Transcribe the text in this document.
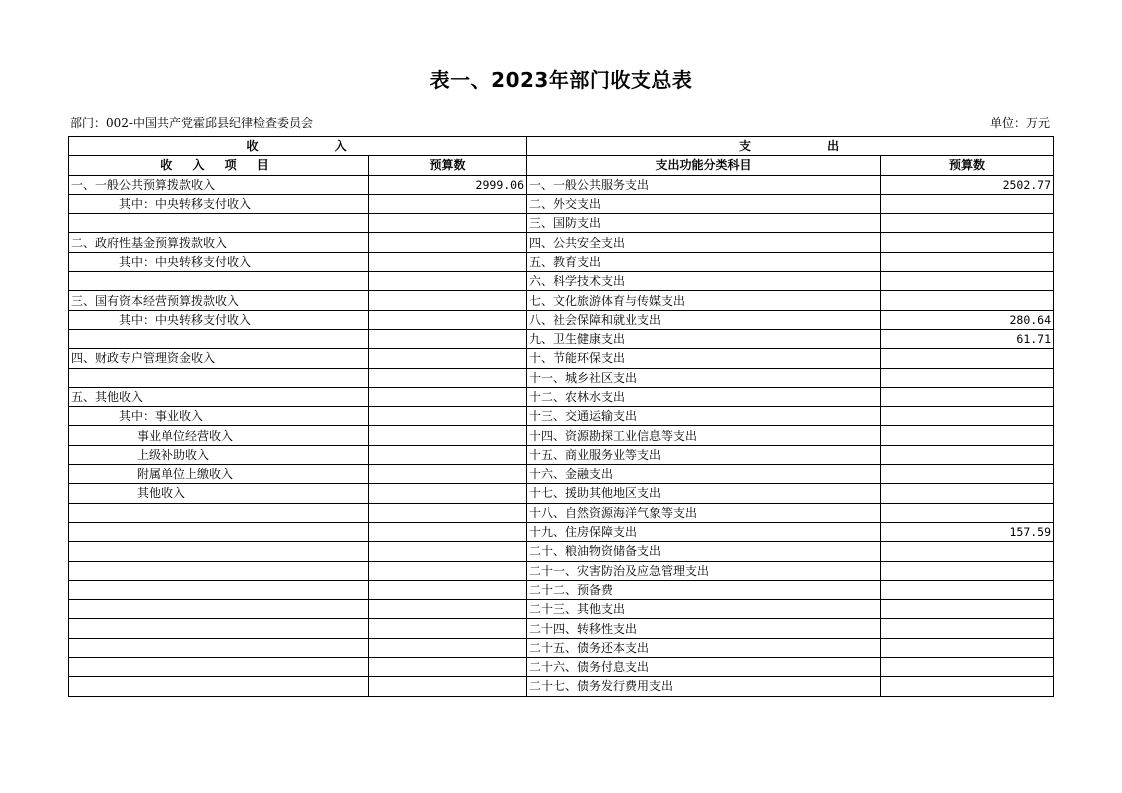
表一、2023年部门收支总表
部门：002-中国共产党霍邱县纪律检查委员会	单位：万元
收            入		支            出	
收 入 项 目	预算数	支出功能分类科目	预算数
一、一般公共预算拨款收入	2999.06	一、一般公共服务支出	2502.77
其中：中央转移支付收入		二、外交支出	
		三、国防支出	
二、政府性基金预算拨款收入		四、公共安全支出	
其中：中央转移支付收入		五、教育支出	
		六、科学技术支出	
三、国有资本经营预算拨款收入		七、文化旅游体育与传媒支出	
其中：中央转移支付收入		八、社会保障和就业支出	280.64
		九、卫生健康支出	61.71
四、财政专户管理资金收入		十、节能环保支出	
		十一、城乡社区支出	
五、其他收入		十二、农林水支出	
其中：事业收入		十三、交通运输支出	
事业单位经营收入		十四、资源勘探工业信息等支出	
上级补助收入		十五、商业服务业等支出	
附属单位上缴收入		十六、金融支出	
其他收入		十七、援助其他地区支出	
		十八、自然资源海洋气象等支出	
		十九、住房保障支出	157.59
		二十、粮油物资储备支出	
		二十一、灾害防治及应急管理支出	
		二十二、预备费	
		二十三、其他支出	
		二十四、转移性支出	
		二十五、债务还本支出	
		二十六、债务付息支出	
		二十七、债务发行费用支出	
